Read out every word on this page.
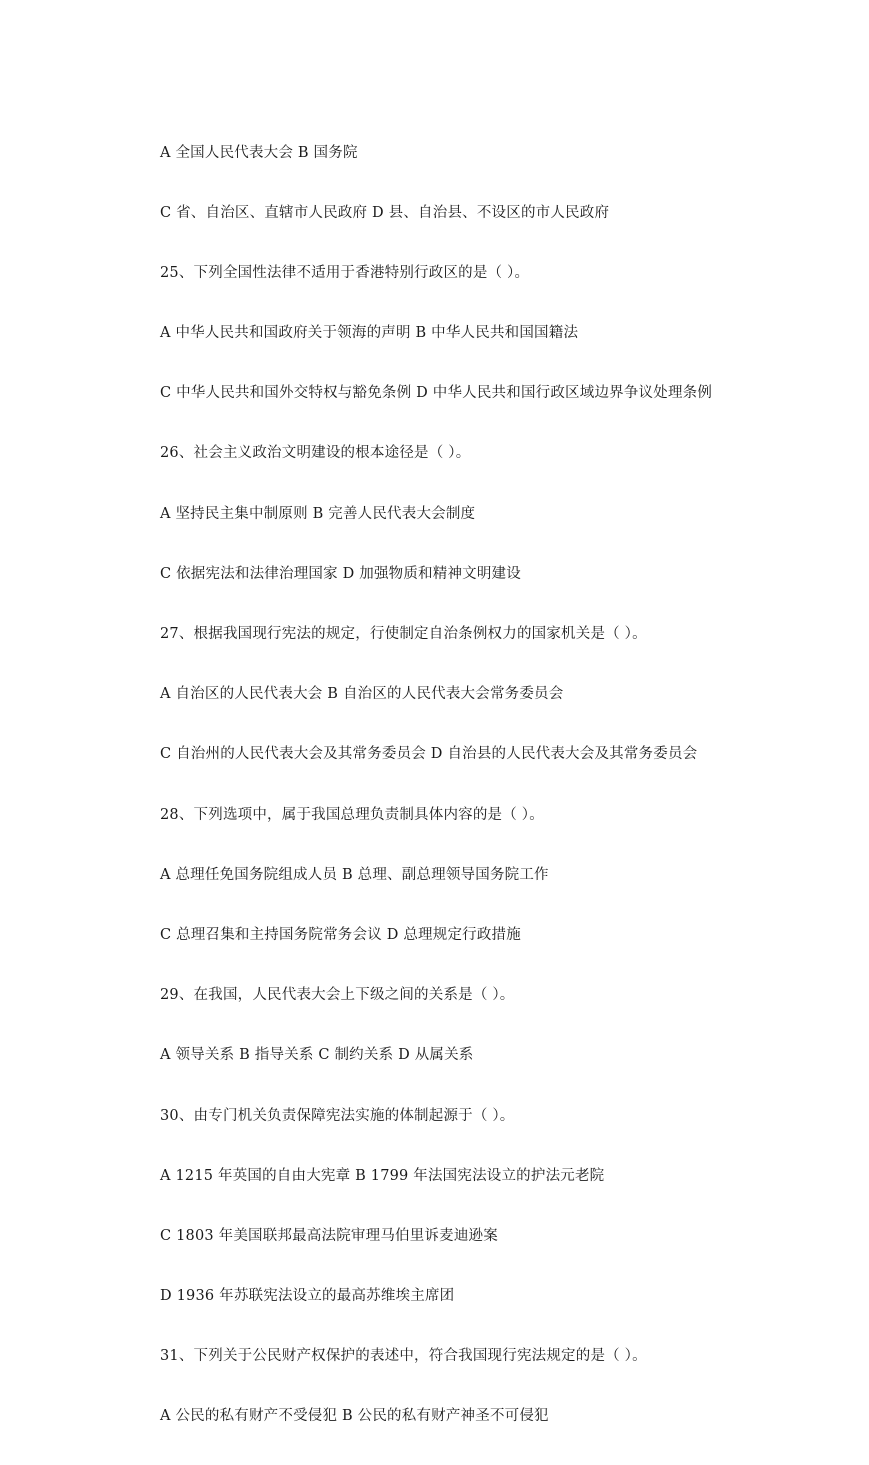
A 全国人民代表大会 B 国务院

C 省、自治区、直辖市人民政府 D 县、自治县、不设区的市人民政府

25、下列全国性法律不适用于香港特别行政区的是（ ）。

A 中华人民共和国政府关于领海的声明 B 中华人民共和国国籍法

C 中华人民共和国外交特权与豁免条例 D 中华人民共和国行政区域边界争议处理条例

26、社会主义政治文明建设的根本途径是（ ）。

A 坚持民主集中制原则 B 完善人民代表大会制度

C 依据宪法和法律治理国家 D 加强物质和精神文明建设

27、根据我国现行宪法的规定，行使制定自治条例权力的国家机关是（ ）。

A 自治区的人民代表大会 B 自治区的人民代表大会常务委员会

C 自治州的人民代表大会及其常务委员会 D 自治县的人民代表大会及其常务委员会

28、下列选项中，属于我国总理负责制具体内容的是（ ）。

A 总理任免国务院组成人员 B 总理、副总理领导国务院工作

C 总理召集和主持国务院常务会议 D 总理规定行政措施

29、在我国，人民代表大会上下级之间的关系是（ ）。

A 领导关系 B 指导关系 C 制约关系 D 从属关系

30、由专门机关负责保障宪法实施的体制起源于（ ）。

A 1215 年英国的自由大宪章 B 1799 年法国宪法设立的护法元老院

C 1803 年美国联邦最高法院审理马伯里诉麦迪逊案

D 1936 年苏联宪法设立的最高苏维埃主席团

31、下列关于公民财产权保护的表述中，符合我国现行宪法规定的是（ ）。

A 公民的私有财产不受侵犯 B 公民的私有财产神圣不可侵犯
